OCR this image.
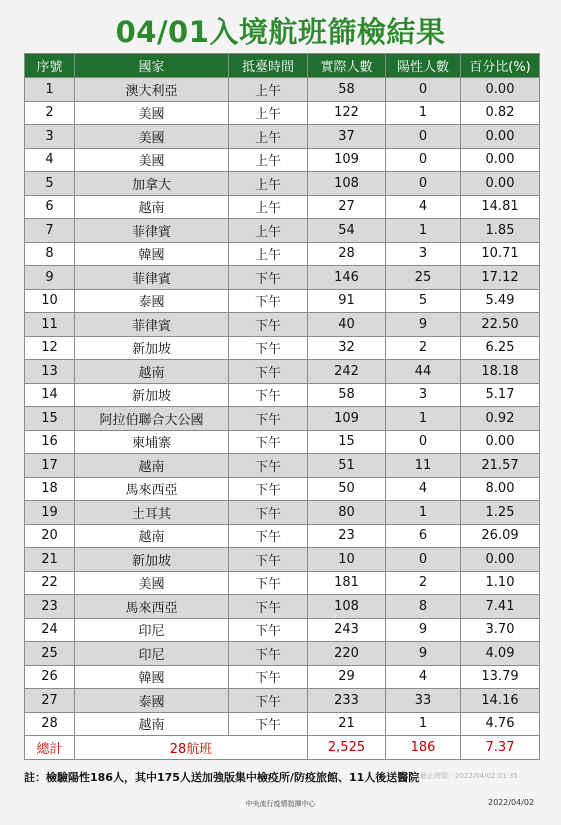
04/01入境航班篩檢結果
序號	國家	抵臺時間	實際人數	陽性人數	百分比(%)
1	澳大利亞	上午	58	0	0.00
2	美國	上午	122	1	0.82
3	美國	上午	37	0	0.00
4	美國	上午	109	0	0.00
5	加拿大	上午	108	0	0.00
6	越南	上午	27	4	14.81
7	菲律賓	上午	54	1	1.85
8	韓國	上午	28	3	10.71
9	菲律賓	下午	146	25	17.12
10	泰國	下午	91	5	5.49
11	菲律賓	下午	40	9	22.50
12	新加坡	下午	32	2	6.25
13	越南	下午	242	44	18.18
14	新加坡	下午	58	3	5.17
15	阿拉伯聯合大公國	下午	109	1	0.92
16	柬埔寨	下午	15	0	0.00
17	越南	下午	51	11	21.57
18	馬來西亞	下午	50	4	8.00
19	土耳其	下午	80	1	1.25
20	越南	下午	23	6	26.09
21	新加坡	下午	10	0	0.00
22	美國	下午	181	2	1.10
23	馬來西亞	下午	108	8	7.41
24	印尼	下午	243	9	3.70
25	印尼	下午	220	9	4.09
26	韓國	下午	29	4	13.79
27	泰國	下午	233	33	14.16
28	越南	下午	21	1	4.76
總計	28航班		2,525	186	7.37
註：檢驗陽性186人，其中175人送加強版集中檢疫所/防疫旅館、11人後送醫院 截止時間：2022/04/02 01:35
中央流行疫情指揮中心	2022/04/02
